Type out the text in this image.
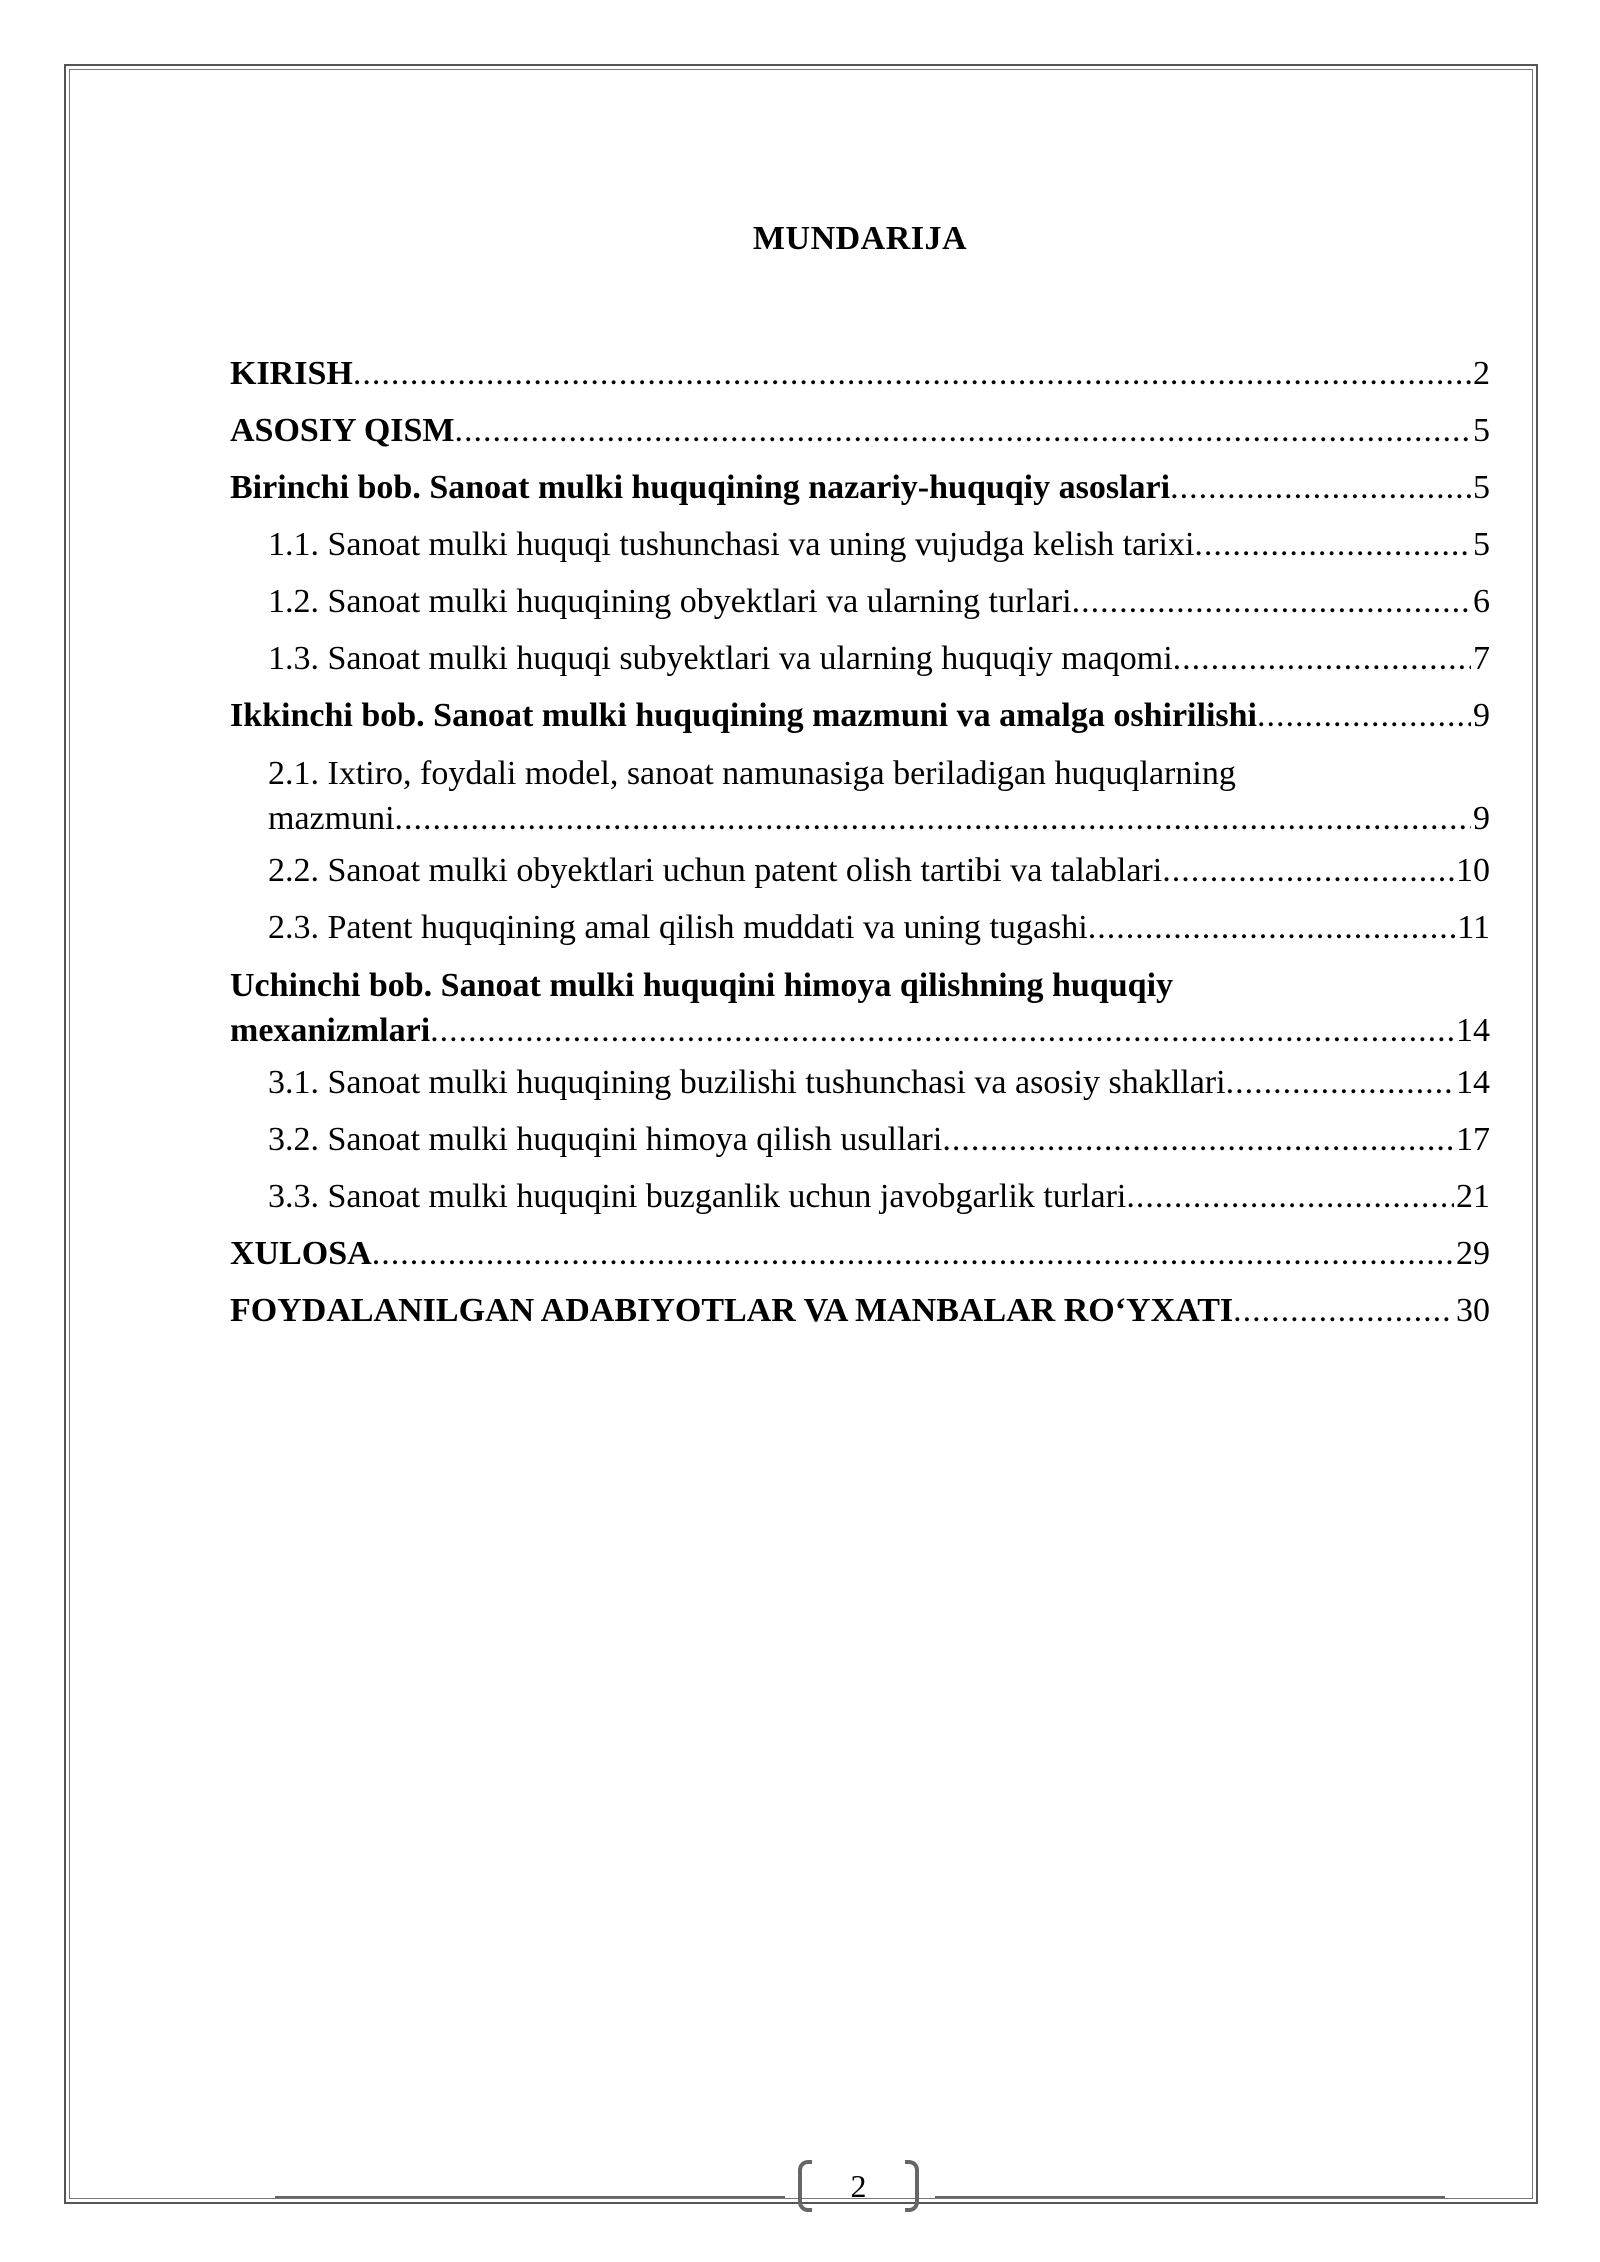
MUNDARIJA
KIRISH .....	2
ASOSIY QISM .....	5
Birinchi bob. Sanoat mulki huquqining nazariy-huquqiy asoslari .....	5
1.1. Sanoat mulki huquqi tushunchasi va uning vujudga kelish tarixi .....	5
1.2. Sanoat mulki huquqining obyektlari va ularning turlari .....	6
1.3. Sanoat mulki huquqi subyektlari va ularning huquqiy maqomi .....	7
Ikkinchi bob. Sanoat mulki huquqining mazmuni va amalga oshirilishi .....	9
2.1. Ixtiro, foydali model, sanoat namunasiga beriladigan huquqlarning
mazmuni .....	9
2.2. Sanoat mulki obyektlari uchun patent olish tartibi va talablari .....	10
2.3. Patent huquqining amal qilish muddati va uning tugashi .....	11
Uchinchi bob. Sanoat mulki huquqini himoya qilishning huquqiy
mexanizmlari .....	14
3.1. Sanoat mulki huquqining buzilishi tushunchasi va asosiy shakllari .....	14
3.2. Sanoat mulki huquqini himoya qilish usullari .....	17
3.3. Sanoat mulki huquqini buzganlik uchun javobgarlik turlari .....	21
XULOSA .....	29
FOYDALANILGAN ADABIYOTLAR VA MANBALAR RO‘YXATI .....	30
2
